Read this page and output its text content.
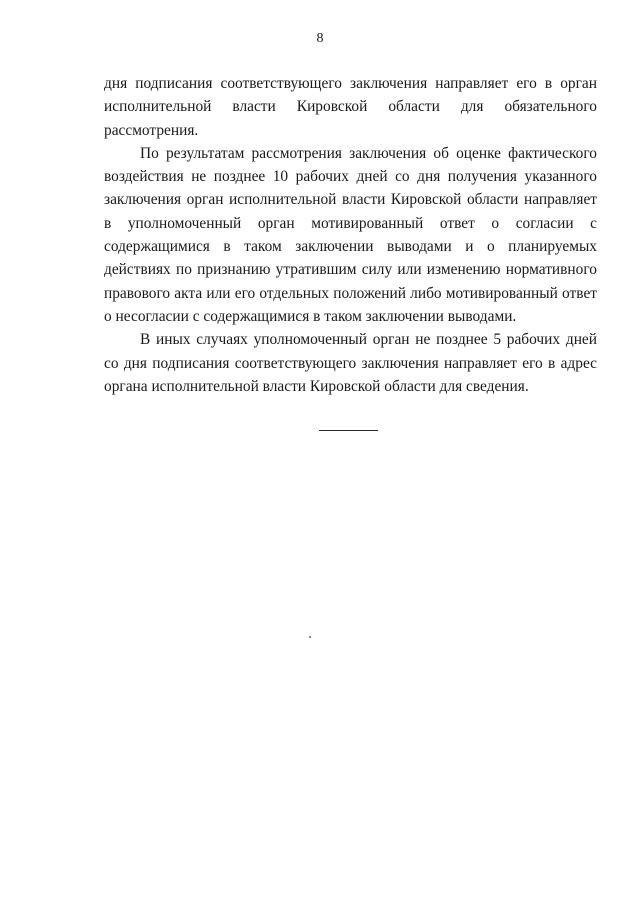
8

дня подписания соответствующего заключения направляет его в орган исполнительной власти Кировской области для обязательного рассмотрения.

По результатам рассмотрения заключения об оценке фактического воздействия не позднее 10 рабочих дней со дня получения указанного заключения орган исполнительной власти Кировской области направляет в уполномоченный орган мотивированный ответ о согласии с содержащимися в таком заключении выводами и о планируемых действиях по признанию утратившим силу или изменению нормативного правового акта или его отдельных положений либо мотивированный ответ о несогласии с содержащимися в таком заключении выводами.

В иных случаях уполномоченный орган не позднее 5 рабочих дней со дня подписания соответствующего заключения направляет его в адрес органа исполнительной власти Кировской области для сведения.
